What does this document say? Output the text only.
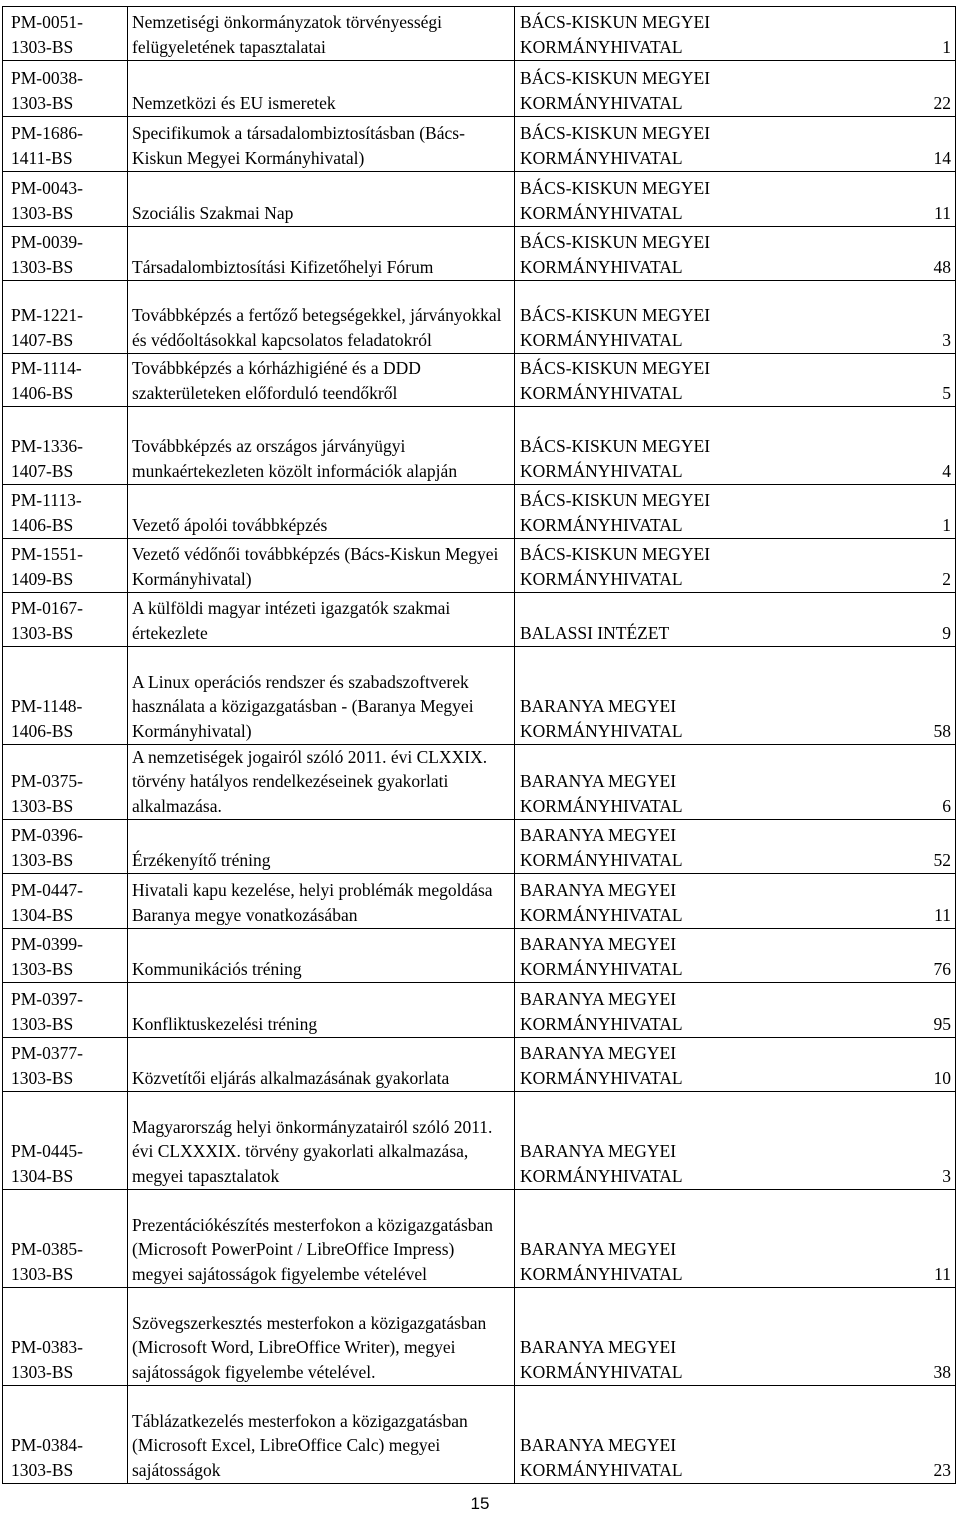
PM-0051-
1303-BS	Nemzetiségi önkormányzatok törvényességi felügyeletének tapasztalatai	BÁCS-KISKUN MEGYEI
KORMÁNYHIVATAL 1

PM-0038-
1303-BS	Nemzetközi és EU ismeretek	BÁCS-KISKUN MEGYEI
KORMÁNYHIVATAL 22

PM-1686-
1411-BS	Specifikumok a társadalombiztosításban (Bács-Kiskun Megyei Kormányhivatal)	BÁCS-KISKUN MEGYEI
KORMÁNYHIVATAL 14

PM-0043-
1303-BS	Szociális Szakmai Nap	BÁCS-KISKUN MEGYEI
KORMÁNYHIVATAL 11

PM-0039-
1303-BS	Társadalombiztosítási Kifizetőhelyi Fórum	BÁCS-KISKUN MEGYEI
KORMÁNYHIVATAL 48

PM-1221-
1407-BS	Továbbképzés a fertőző betegségekkel, járványokkal és védőoltásokkal kapcsolatos feladatokról	BÁCS-KISKUN MEGYEI
KORMÁNYHIVATAL 3

PM-1114-
1406-BS	Továbbképzés a kórházhigiéné és a DDD szakterületeken előforduló teendőkről	BÁCS-KISKUN MEGYEI
KORMÁNYHIVATAL 5

PM-1336-
1407-BS	Továbbképzés az országos járványügyi munkaértekezleten közölt információk alapján	BÁCS-KISKUN MEGYEI
KORMÁNYHIVATAL 4

PM-1113-
1406-BS	Vezető ápolói továbbképzés	BÁCS-KISKUN MEGYEI
KORMÁNYHIVATAL 1

PM-1551-
1409-BS	Vezető védőnői továbbképzés (Bács-Kiskun Megyei Kormányhivatal)	BÁCS-KISKUN MEGYEI
KORMÁNYHIVATAL 2

PM-0167-
1303-BS	A külföldi magyar intézeti igazgatók szakmai értekezlete	BALASSI INTÉZET 9

PM-1148-
1406-BS	A Linux operációs rendszer és szabadszoftverek használata a közigazgatásban - (Baranya Megyei Kormányhivatal)	BARANYA MEGYEI
KORMÁNYHIVATAL 58

PM-0375-
1303-BS	A nemzetiségek jogairól szóló 2011. évi CLXXIX. törvény hatályos rendelkezéseinek gyakorlati alkalmazása.	BARANYA MEGYEI
KORMÁNYHIVATAL 6

PM-0396-
1303-BS	Érzékenyítő tréning	BARANYA MEGYEI
KORMÁNYHIVATAL 52

PM-0447-
1304-BS	Hivatali kapu kezelése, helyi problémák megoldása Baranya megye vonatkozásában	BARANYA MEGYEI
KORMÁNYHIVATAL 11

PM-0399-
1303-BS	Kommunikációs tréning	BARANYA MEGYEI
KORMÁNYHIVATAL 76

PM-0397-
1303-BS	Konfliktuskezelési tréning	BARANYA MEGYEI
KORMÁNYHIVATAL 95

PM-0377-
1303-BS	Közvetítői eljárás alkalmazásának gyakorlata	BARANYA MEGYEI
KORMÁNYHIVATAL 10

PM-0445-
1304-BS	Magyarország helyi önkormányzatairól szóló 2011. évi CLXXXIX. törvény gyakorlati alkalmazása, megyei tapasztalatok	BARANYA MEGYEI
KORMÁNYHIVATAL 3

PM-0385-
1303-BS	Prezentációkészítés mesterfokon a közigazgatásban (Microsoft PowerPoint / LibreOffice Impress) megyei sajátosságok figyelembe vételével	BARANYA MEGYEI
KORMÁNYHIVATAL 11

PM-0383-
1303-BS	Szövegszerkesztés mesterfokon a közigazgatásban (Microsoft Word, LibreOffice Writer), megyei sajátosságok figyelembe vételével.	BARANYA MEGYEI
KORMÁNYHIVATAL 38

PM-0384-
1303-BS	Táblázatkezelés mesterfokon a közigazgatásban (Microsoft Excel, LibreOffice Calc) megyei sajátosságok	BARANYA MEGYEI
KORMÁNYHIVATAL 23
15
